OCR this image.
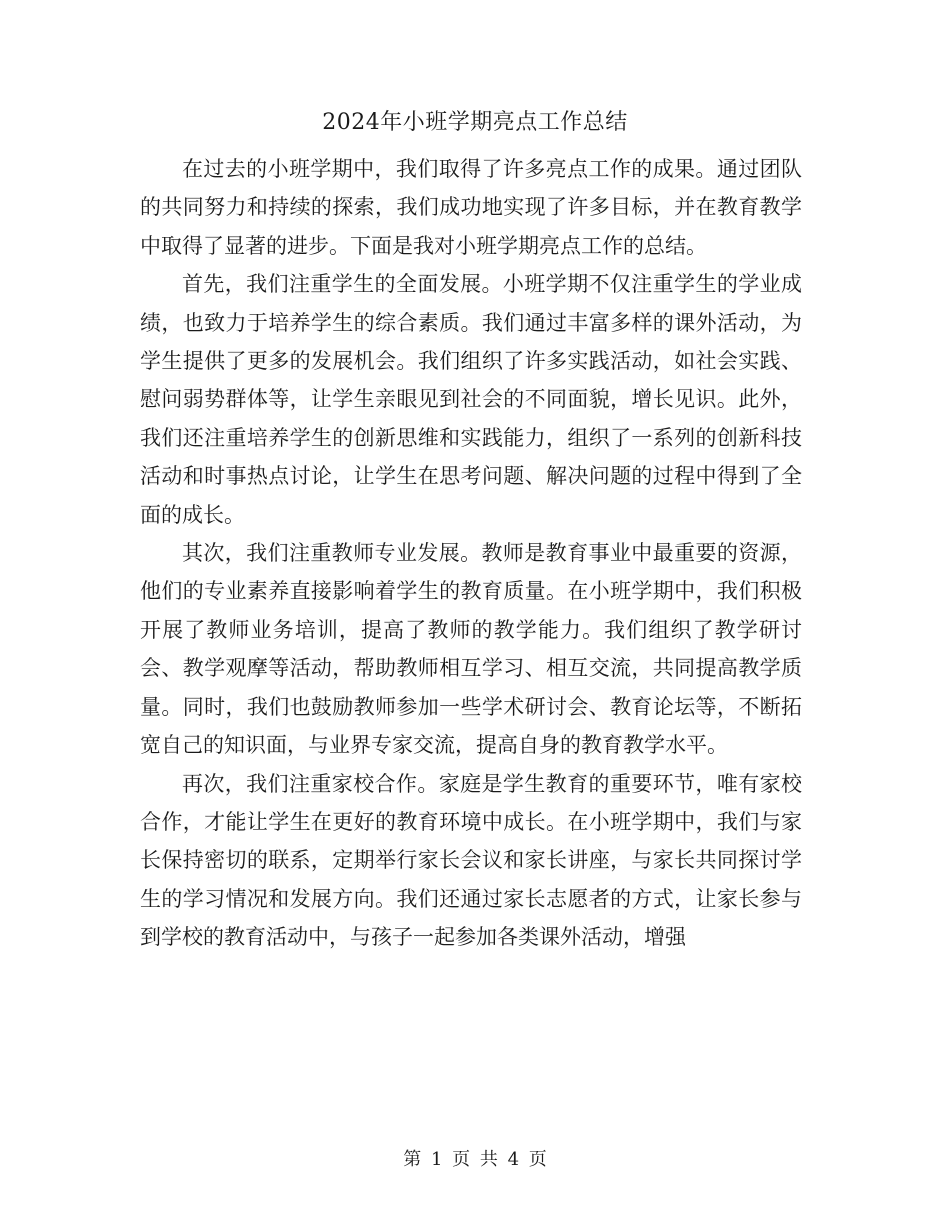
2024年小班学期亮点工作总结

在过去的小班学期中，我们取得了许多亮点工作的成果。通过团队的共同努力和持续的探索，我们成功地实现了许多目标，并在教育教学中取得了显著的进步。下面是我对小班学期亮点工作的总结。

首先，我们注重学生的全面发展。小班学期不仅注重学生的学业成绩，也致力于培养学生的综合素质。我们通过丰富多样的课外活动，为学生提供了更多的发展机会。我们组织了许多实践活动，如社会实践、慰问弱势群体等，让学生亲眼见到社会的不同面貌，增长见识。此外，我们还注重培养学生的创新思维和实践能力，组织了一系列的创新科技活动和时事热点讨论，让学生在思考问题、解决问题的过程中得到了全面的成长。

其次，我们注重教师专业发展。教师是教育事业中最重要的资源，他们的专业素养直接影响着学生的教育质量。在小班学期中，我们积极开展了教师业务培训，提高了教师的教学能力。我们组织了教学研讨会、教学观摩等活动，帮助教师相互学习、相互交流，共同提高教学质量。同时，我们也鼓励教师参加一些学术研讨会、教育论坛等，不断拓宽自己的知识面，与业界专家交流，提高自身的教育教学水平。

再次，我们注重家校合作。家庭是学生教育的重要环节，唯有家校合作，才能让学生在更好的教育环境中成长。在小班学期中，我们与家长保持密切的联系，定期举行家长会议和家长讲座，与家长共同探讨学生的学习情况和发展方向。我们还通过家长志愿者的方式，让家长参与到学校的教育活动中，与孩子一起参加各类课外活动，增强

第 1 页 共 4 页
